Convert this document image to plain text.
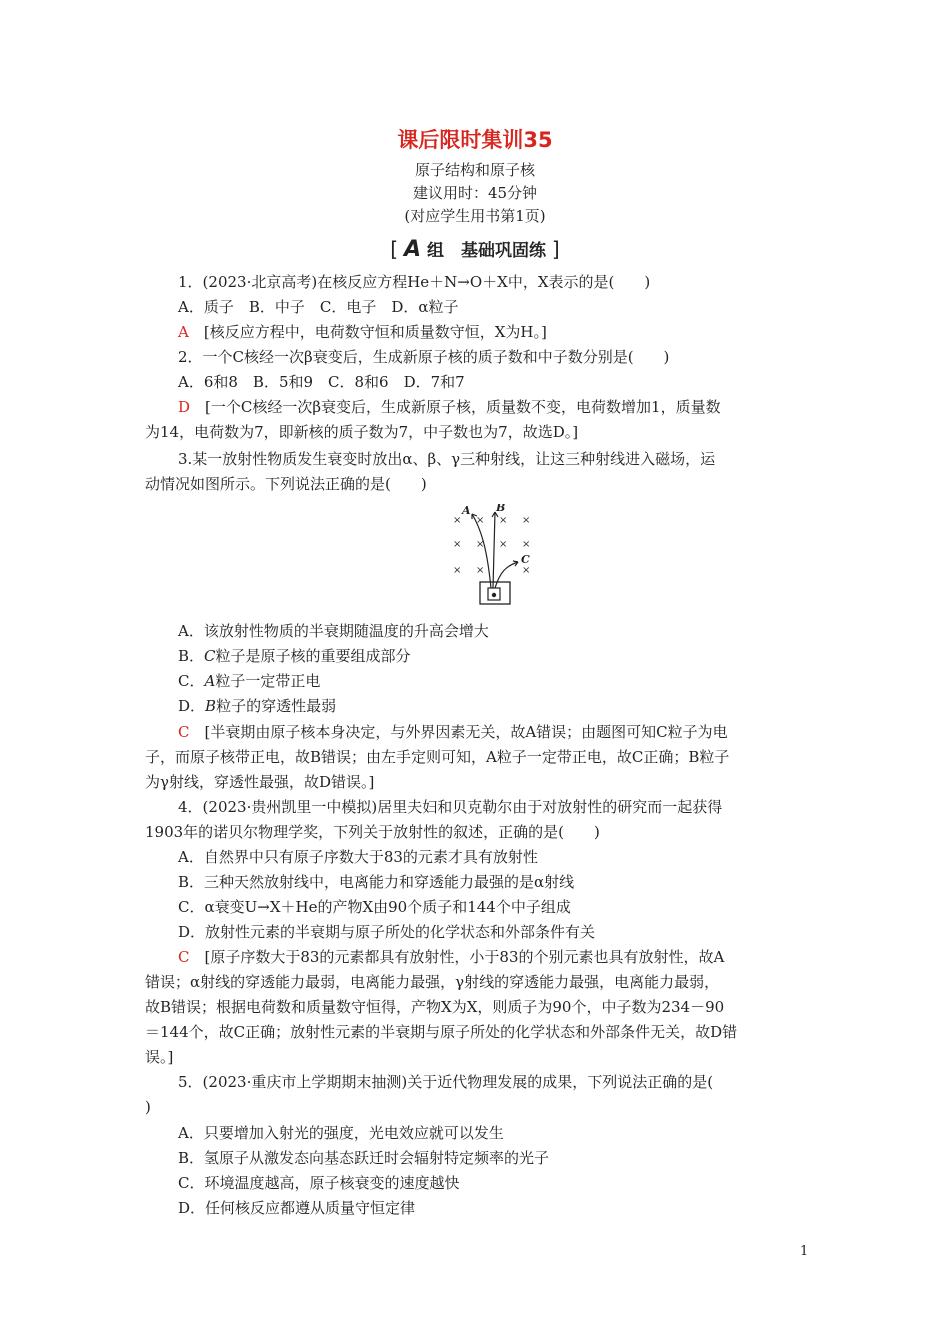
课后限时集训35
原子结构和原子核
建议用时：45分钟
(对应学生用书第1页)
[ A 组　基础巩固练 ]
1．(2023·北京高考)在核反应方程He＋N→O＋X中，X表示的是(　　)
A．质子　B．中子　C．电子　D．α粒子
A　[核反应方程中，电荷数守恒和质量数守恒，X为H。]
2．一个C核经一次β衰变后，生成新原子核的质子数和中子数分别是(　　)
A．6和8　B．5和9　C．8和6　D．7和7
D　[一个C核经一次β衰变后，生成新原子核，质量数不变，电荷数增加1，质量数
为14，电荷数为7，即新核的质子数为7，中子数也为7，故选D。]
3.某一放射性物质发生衰变时放出α、β、γ三种射线，让这三种射线进入磁场，运
动情况如图所示。下列说法正确的是(　　)
× × × ×
× × × ×
× ×	×
A B
C
A．该放射性物质的半衰期随温度的升高会增大
B．C粒子是原子核的重要组成部分
C．A粒子一定带正电
D．B粒子的穿透性最弱
C　[半衰期由原子核本身决定，与外界因素无关，故A错误；由题图可知C粒子为电
子，而原子核带正电，故B错误；由左手定则可知，A粒子一定带正电，故C正确；B粒子
为γ射线，穿透性最强，故D错误。]
4．(2023·贵州凯里一中模拟)居里夫妇和贝克勒尔由于对放射性的研究而一起获得
1903年的诺贝尔物理学奖，下列关于放射性的叙述，正确的是(　　)
A．自然界中只有原子序数大于83的元素才具有放射性
B．三种天然放射线中，电离能力和穿透能力最强的是α射线
C．α衰变U→X＋He的产物X由90个质子和144个中子组成
D．放射性元素的半衰期与原子所处的化学状态和外部条件有关
C　[原子序数大于83的元素都具有放射性，小于83的个别元素也具有放射性，故A
错误；α射线的穿透能力最弱，电离能力最强，γ射线的穿透能力最强，电离能力最弱，
故B错误；根据电荷数和质量数守恒得，产物X为X，则质子为90个，中子数为234－90
＝144个，故C正确；放射性元素的半衰期与原子所处的化学状态和外部条件无关，故D错
误。]
5．(2023·重庆市上学期期末抽测)关于近代物理发展的成果，下列说法正确的是(
)
A．只要增加入射光的强度，光电效应就可以发生
B．氢原子从激发态向基态跃迁时会辐射特定频率的光子
C．环境温度越高，原子核衰变的速度越快
D．任何核反应都遵从质量守恒定律
1
